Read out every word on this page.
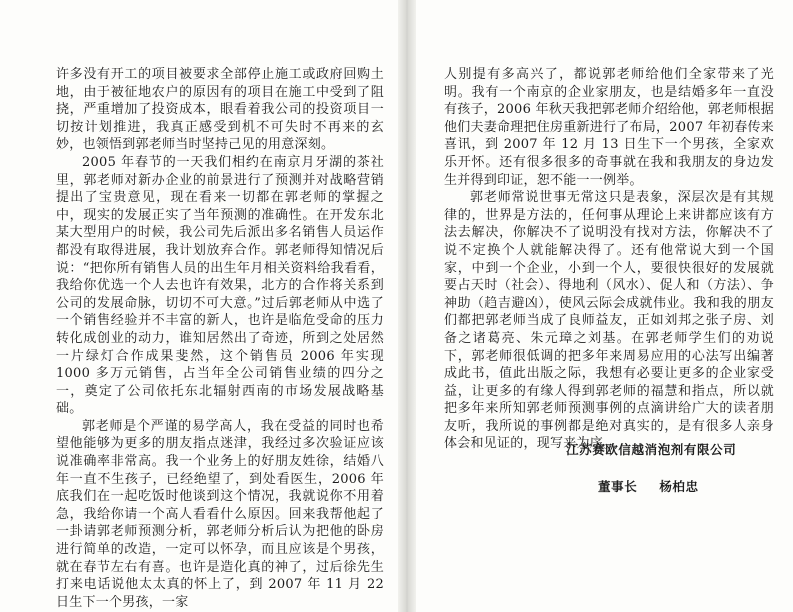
许多没有开工的项目被要求全部停止施工或政府回购土地，由于被征地农户的原因有的项目在施工中受到了阻挠，严重增加了投资成本，眼看着我公司的投资项目一切按计划推进，我真正感受到机不可失时不再来的玄妙，也领悟到郭老师当时坚持己见的用意深刻。

2005 年春节的一天我们相约在南京月牙湖的茶社里，郭老师对新办企业的前景进行了预测并对战略营销提出了宝贵意见，现在看来一切都在郭老师的掌握之中，现实的发展正实了当年预测的准确性。在开发东北某大型用户的时候，我公司先后派出多名销售人员运作都没有取得进展，我计划放弃合作。郭老师得知情况后说：“把你所有销售人员的出生年月相关资料给我看看，我给你优选一个人去也许有效果，北方的合作将关系到公司的发展命脉，切切不可大意。”过后郭老师从中选了一个销售经验并不丰富的新人，也许是临危受命的压力转化成创业的动力，谁知居然出了奇迹，所到之处居然一片绿灯合作成果斐然，这个销售员 2006 年实现 1000 多万元销售，占当年全公司销售业绩的四分之一，奠定了公司依托东北辐射西南的市场发展战略基础。

郭老师是个严谨的易学高人，我在受益的同时也希望他能够为更多的朋友指点迷津，我经过多次验证应该说准确率非常高。我一个业务上的好朋友姓徐，结婚八年一直不生孩子，已经绝望了，到处看医生，2006 年底我们在一起吃饭时他谈到这个情况，我就说你不用着急，我给你请一个高人看看什么原因。回来我帮他起了一卦请郭老师预测分析，郭老师分析后认为把他的卧房进行简单的改造，一定可以怀孕，而且应该是个男孩，就在春节左右有喜。也许是造化真的神了，过后徐先生打来电话说他太太真的怀上了，到 2007 年 11 月 22 日生下一个男孩，一家

人别提有多高兴了，都说郭老师给他们全家带来了光明。我有一个南京的企业家朋友，也是结婚多年一直没有孩子，2006 年秋天我把郭老师介绍给他，郭老师根据他们夫妻命理把住房重新进行了布局，2007 年初春传来喜讯，到 2007 年 12 月 13 日生下一个男孩，全家欢乐开怀。还有很多很多的奇事就在我和我朋友的身边发生并得到印证，恕不能一一例举。

郭老师常说世事无常这只是表象，深层次是有其规律的，世界是方法的，任何事从理论上来讲都应该有方法去解决，你解决不了说明没有找对方法，你解决不了说不定换个人就能解决得了。还有他常说大到一个国家，中到一个企业，小到一个人，要很快很好的发展就要占天时（社会）、得地利（风水）、促人和（方法）、争神助（趋吉避凶），使风云际会成就伟业。我和我的朋友们都把郭老师当成了良师益友，正如刘邦之张子房、刘备之诸葛亮、朱元璋之刘基。在郭老师学生们的劝说下，郭老师很低调的把多年来周易应用的心法写出编著成此书，值此出版之际，我想有必要让更多的企业家受益，让更多的有缘人得到郭老师的福慧和指点，所以就把多年来所知郭老师预测事例的点滴讲给广大的读者朋友听，我所说的事例都是绝对真实的，是有很多人亲身体会和见证的，现写来为序。

江苏赛欧信越消泡剂有限公司
董事长 杨柏忠
